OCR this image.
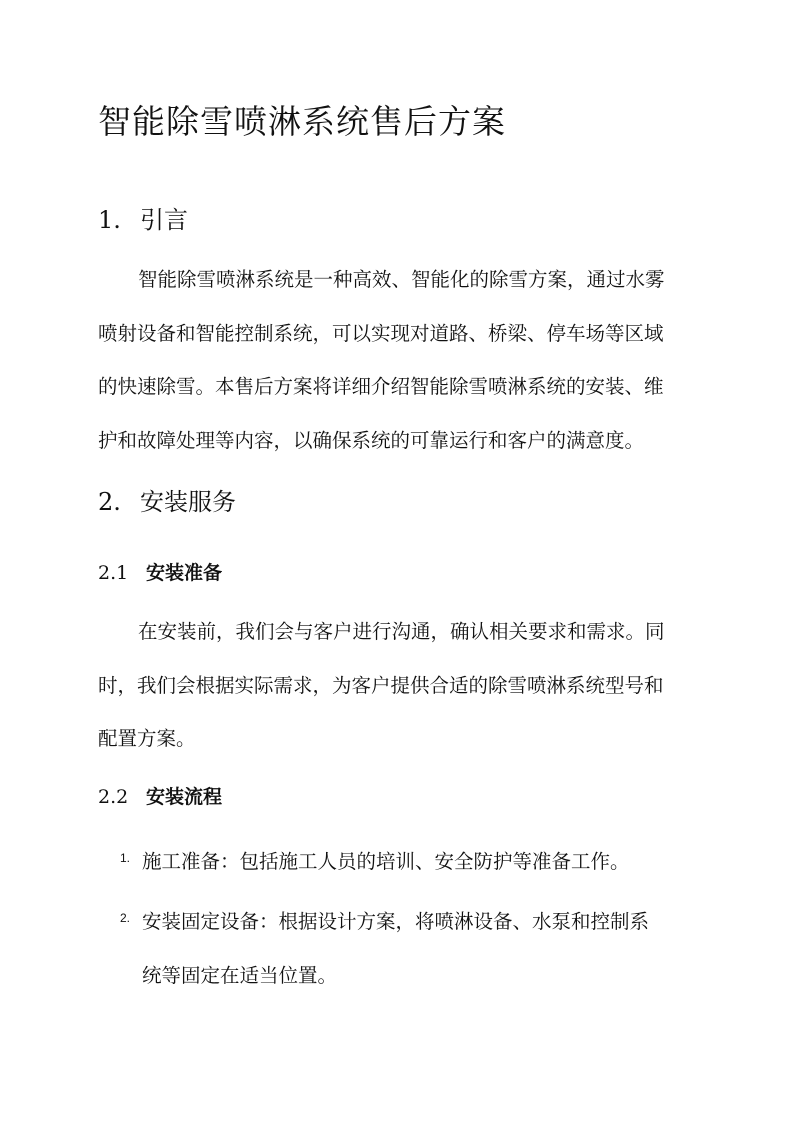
智能除雪喷淋系统售后方案
1. 引言

智能除雪喷淋系统是一种高效、智能化的除雪方案，通过水雾
喷射设备和智能控制系统，可以实现对道路、桥梁、停车场等区域
的快速除雪。本售后方案将详细介绍智能除雪喷淋系统的安装、维
护和故障处理等内容，以确保系统的可靠运行和客户的满意度。

2. 安装服务
2.1 安装准备

在安装前，我们会与客户进行沟通，确认相关要求和需求。同
时，我们会根据实际需求，为客户提供合适的除雪喷淋系统型号和
配置方案。

2.2 安装流程
1. 施工准备：包括施工人员的培训、安全防护等准备工作。
2. 安装固定设备：根据设计方案，将喷淋设备、水泵和控制系
统等固定在适当位置。
